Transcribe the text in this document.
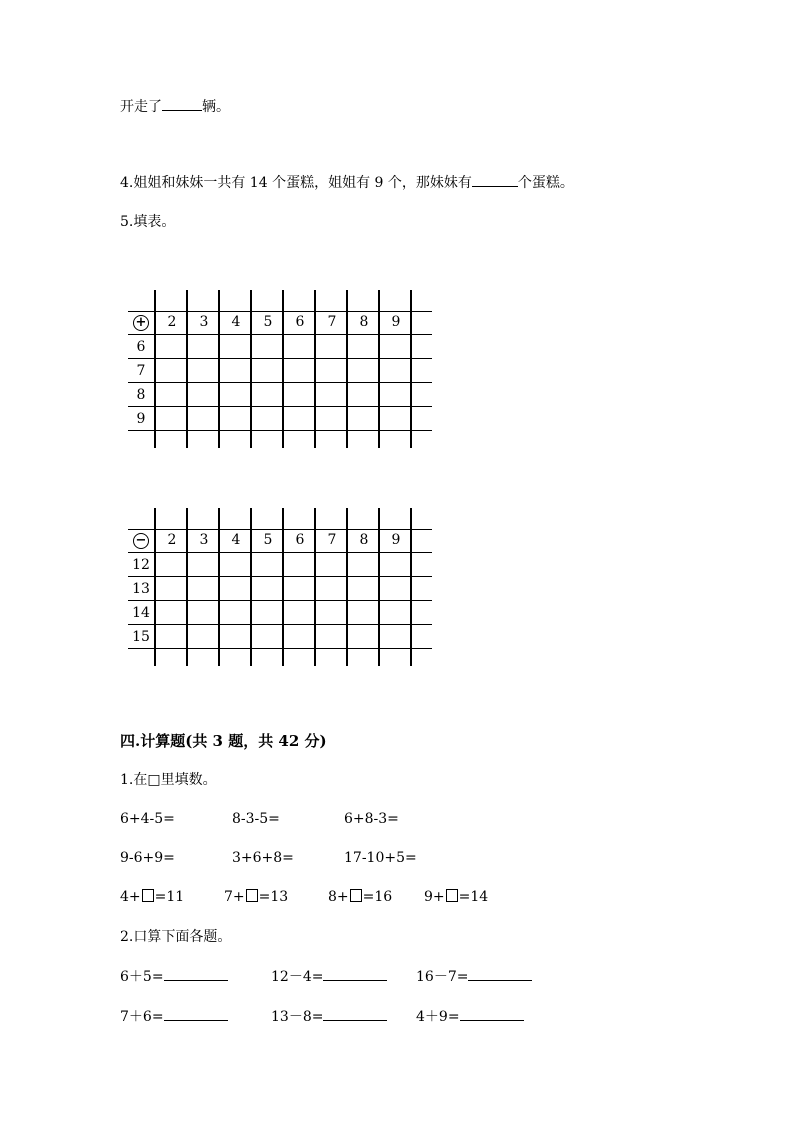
开走了	辆。
4.姐姐和妹妹一共有 14 个蛋糕，姐姐有 9 个，那妹妹有	个蛋糕。
5.填表。
+	2	3	4	5	6	7	8	9
6
7
8
9
−	2	3	4	5	6	7	8	9
12
13
14
15
四.计算题(共 3 题，共 42 分)
1.在□里填数。
6+4-5=	8-3-5=	6+8-3=
9-6+9=	3+6+8=	17-10+5=
4+ =11	7+ =13	8+ =16 9+ =14
2.口算下面各题。
6＋5=	12－4=	16－7=
7＋6=	13－8=	4＋9=
